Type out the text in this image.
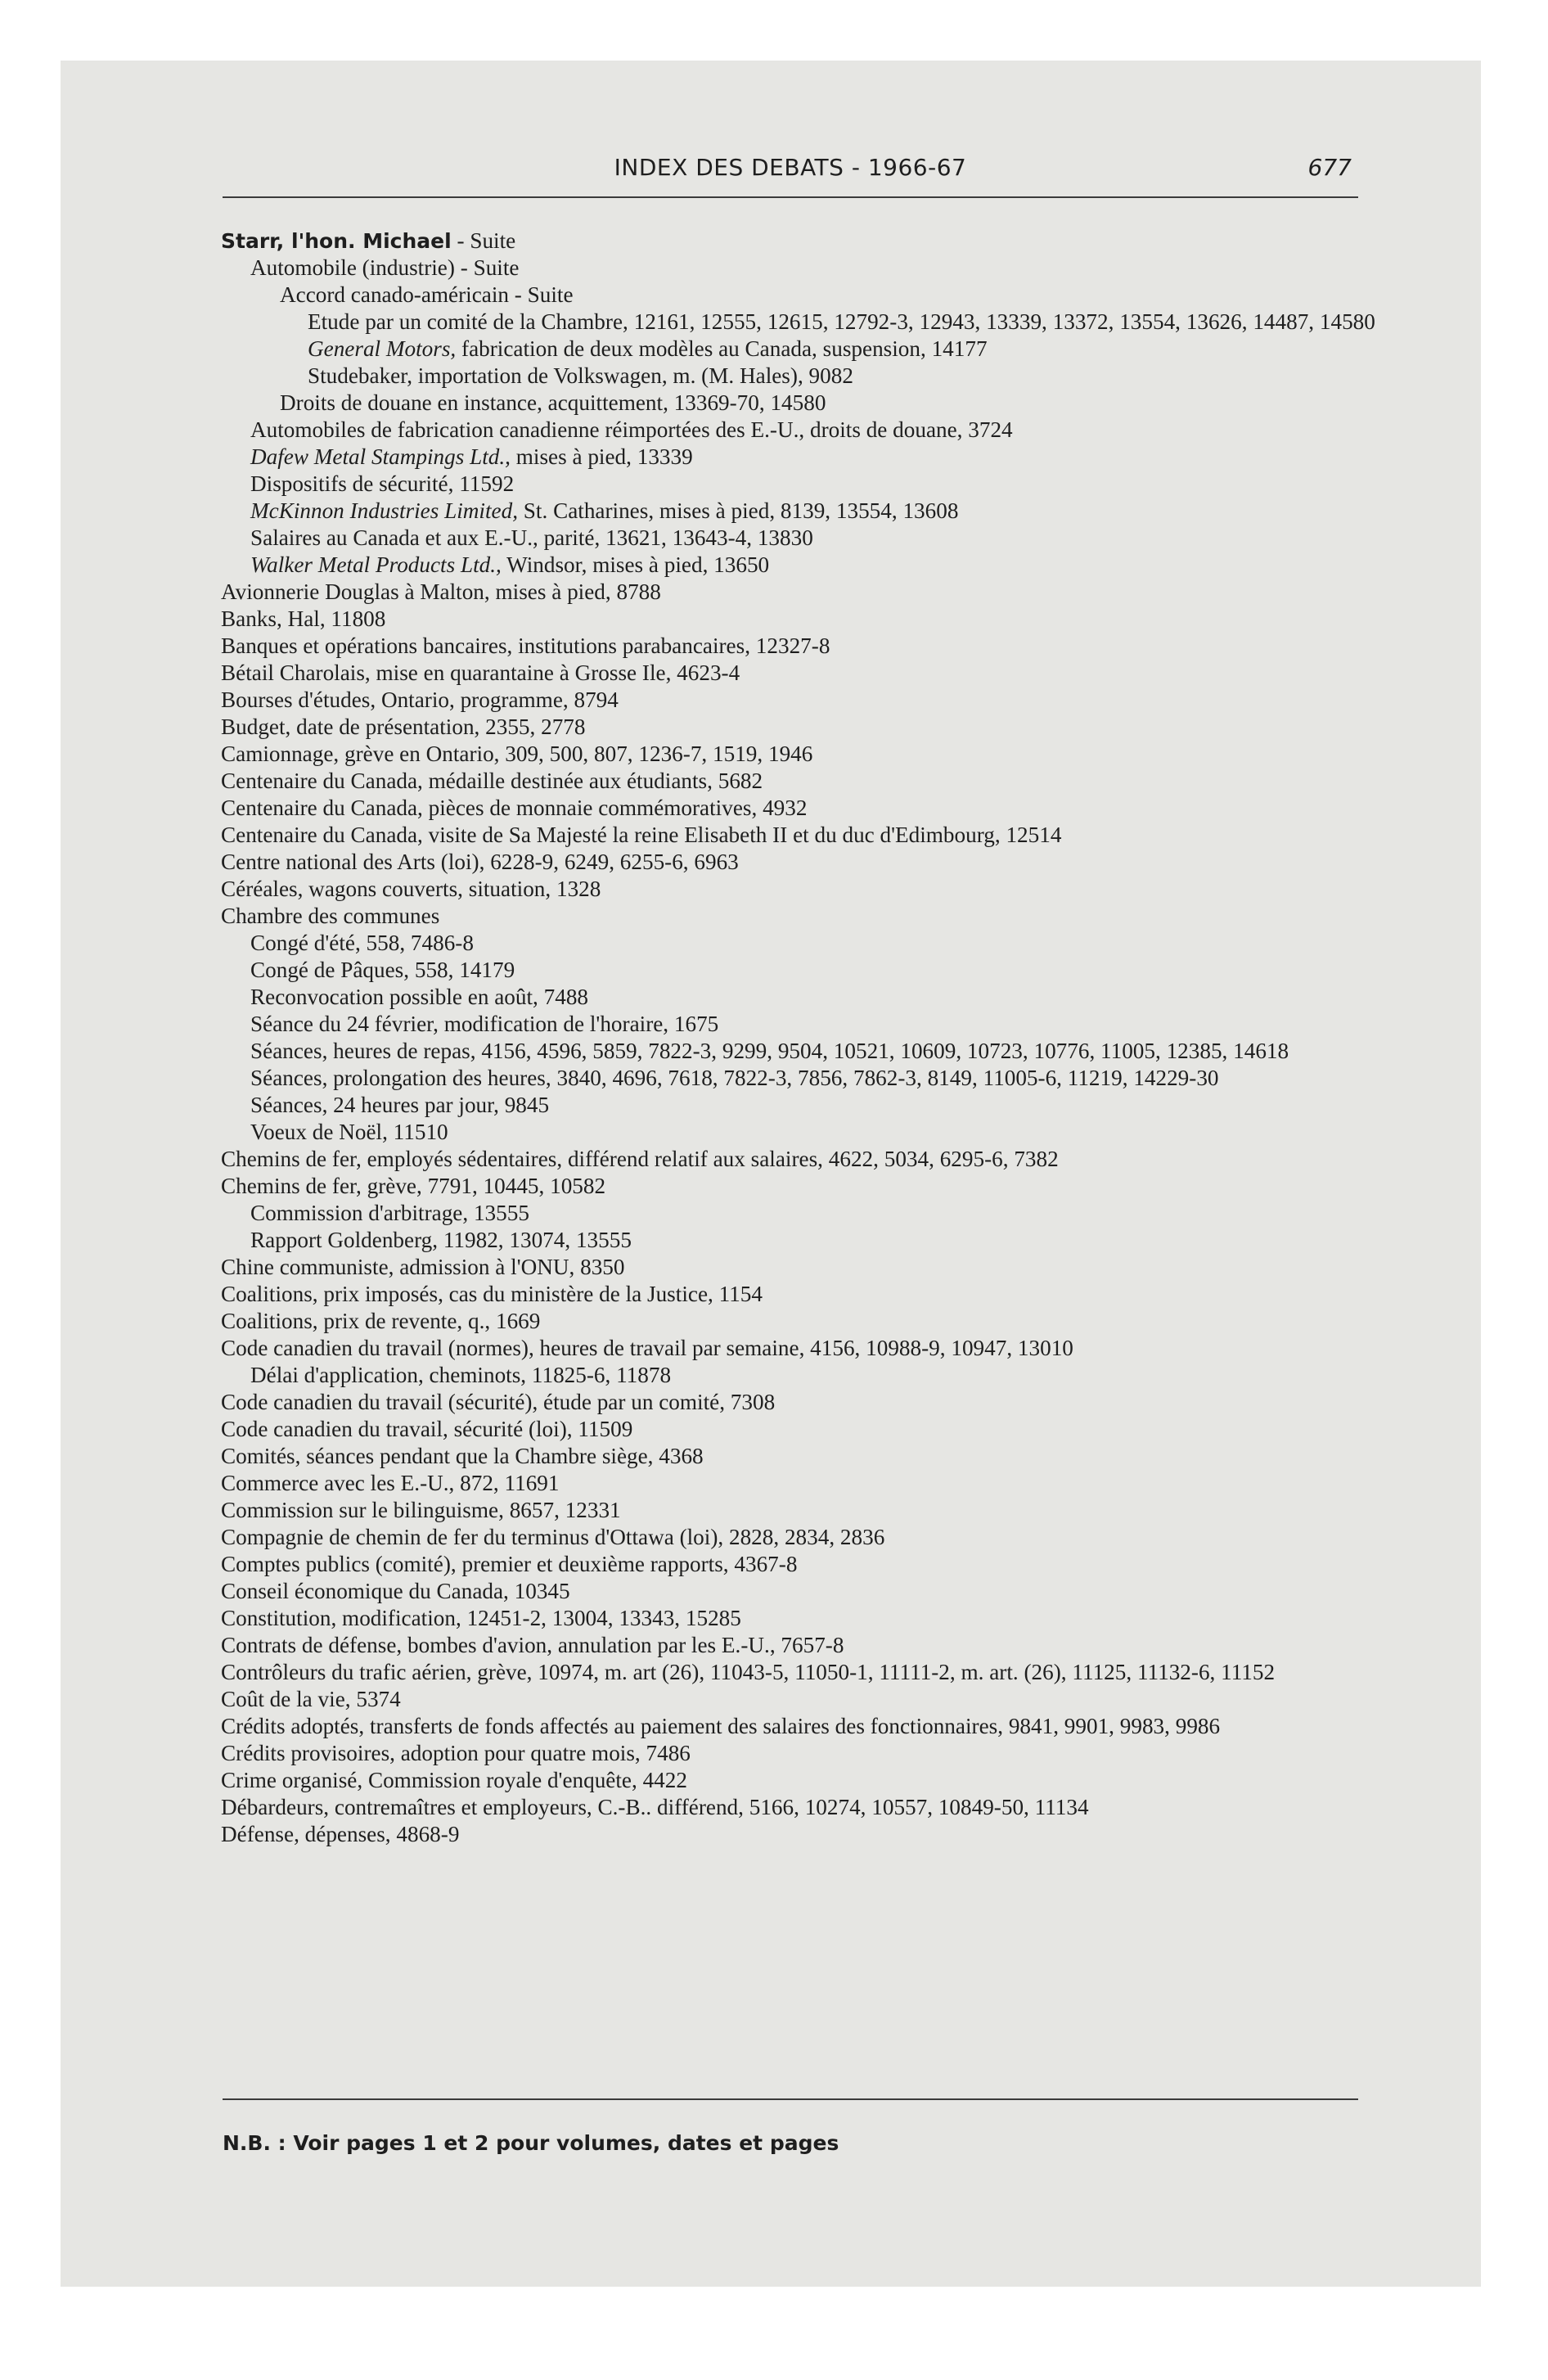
INDEX DES DEBATS - 1966-67	677
Starr, l'hon. Michael - Suite
Automobile (industrie) - Suite
Accord canado-américain - Suite
Etude par un comité de la Chambre, 12161, 12555, 12615, 12792-3, 12943, 13339, 13372, 13554, 13626, 14487, 14580
General Motors, fabrication de deux modèles au Canada, suspension, 14177
Studebaker, importation de Volkswagen, m. (M. Hales), 9082
Droits de douane en instance, acquittement, 13369-70, 14580
Automobiles de fabrication canadienne réimportées des E.-U., droits de douane, 3724
Dafew Metal Stampings Ltd., mises à pied, 13339
Dispositifs de sécurité, 11592
McKinnon Industries Limited, St. Catharines, mises à pied, 8139, 13554, 13608
Salaires au Canada et aux E.-U., parité, 13621, 13643-4, 13830
Walker Metal Products Ltd., Windsor, mises à pied, 13650
Avionnerie Douglas à Malton, mises à pied, 8788
Banks, Hal, 11808
Banques et opérations bancaires, institutions parabancaires, 12327-8
Bétail Charolais, mise en quarantaine à Grosse Ile, 4623-4
Bourses d'études, Ontario, programme, 8794
Budget, date de présentation, 2355, 2778
Camionnage, grève en Ontario, 309, 500, 807, 1236-7, 1519, 1946
Centenaire du Canada, médaille destinée aux étudiants, 5682
Centenaire du Canada, pièces de monnaie commémoratives, 4932
Centenaire du Canada, visite de Sa Majesté la reine Elisabeth II et du duc d'Edimbourg, 12514
Centre national des Arts (loi), 6228-9, 6249, 6255-6, 6963
Céréales, wagons couverts, situation, 1328
Chambre des communes
Congé d'été, 558, 7486-8
Congé de Pâques, 558, 14179
Reconvocation possible en août, 7488
Séance du 24 février, modification de l'horaire, 1675
Séances, heures de repas, 4156, 4596, 5859, 7822-3, 9299, 9504, 10521, 10609, 10723, 10776, 11005, 12385, 14618
Séances, prolongation des heures, 3840, 4696, 7618, 7822-3, 7856, 7862-3, 8149, 11005-6, 11219, 14229-30
Séances, 24 heures par jour, 9845
Voeux de Noël, 11510
Chemins de fer, employés sédentaires, différend relatif aux salaires, 4622, 5034, 6295-6, 7382
Chemins de fer, grève, 7791, 10445, 10582
Commission d'arbitrage, 13555
Rapport Goldenberg, 11982, 13074, 13555
Chine communiste, admission à l'ONU, 8350
Coalitions, prix imposés, cas du ministère de la Justice, 1154
Coalitions, prix de revente, q., 1669
Code canadien du travail (normes), heures de travail par semaine, 4156, 10988-9, 10947, 13010
Délai d'application, cheminots, 11825-6, 11878
Code canadien du travail (sécurité), étude par un comité, 7308
Code canadien du travail, sécurité (loi), 11509
Comités, séances pendant que la Chambre siège, 4368
Commerce avec les E.-U., 872, 11691
Commission sur le bilinguisme, 8657, 12331
Compagnie de chemin de fer du terminus d'Ottawa (loi), 2828, 2834, 2836
Comptes publics (comité), premier et deuxième rapports, 4367-8
Conseil économique du Canada, 10345
Constitution, modification, 12451-2, 13004, 13343, 15285
Contrats de défense, bombes d'avion, annulation par les E.-U., 7657-8
Contrôleurs du trafic aérien, grève, 10974, m. art (26), 11043-5, 11050-1, 11111-2, m. art. (26), 11125, 11132-6, 11152
Coût de la vie, 5374
Crédits adoptés, transferts de fonds affectés au paiement des salaires des fonctionnaires, 9841, 9901, 9983, 9986
Crédits provisoires, adoption pour quatre mois, 7486
Crime organisé, Commission royale d'enquête, 4422
Débardeurs, contremaîtres et employeurs, C.-B.. différend, 5166, 10274, 10557, 10849-50, 11134
Défense, dépenses, 4868-9
N.B. : Voir pages 1 et 2 pour volumes, dates et pages
